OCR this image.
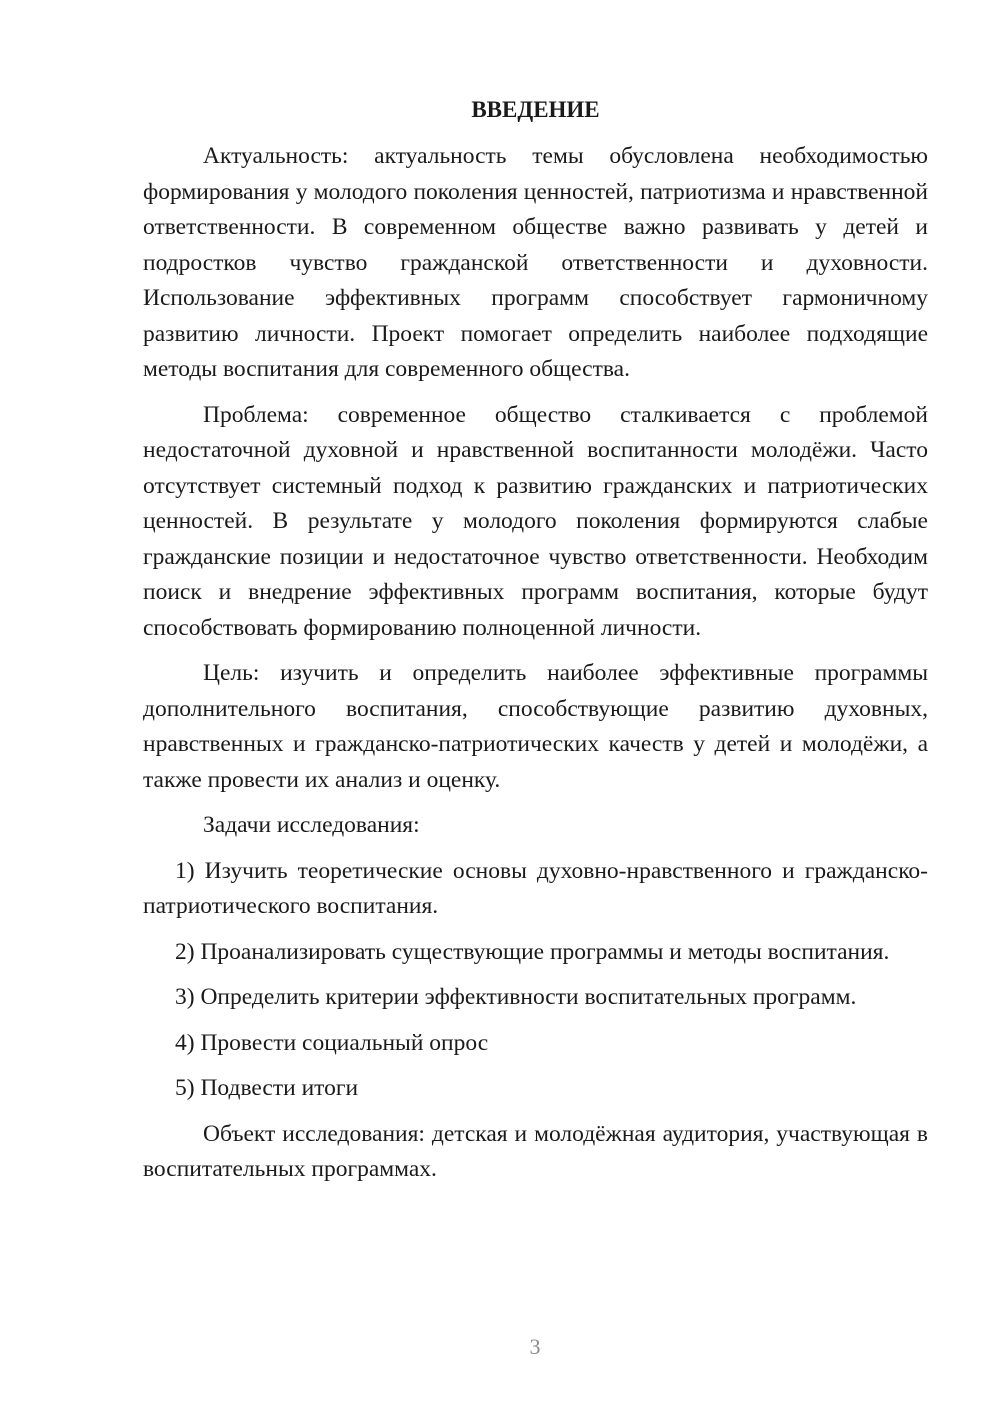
ВВЕДЕНИЕ

Актуальность: актуальность темы обусловлена необходимостью формирования у молодого поколения ценностей, патриотизма и нравственной ответственности. В современном обществе важно развивать у детей и подростков чувство гражданской ответственности и духовности. Использование эффективных программ способствует гармоничному развитию личности. Проект помогает определить наиболее подходящие методы воспитания для современного общества.

Проблема: современное общество сталкивается с проблемой недостаточной духовной и нравственной воспитанности молодёжи. Часто отсутствует системный подход к развитию гражданских и патриотических ценностей. В результате у молодого поколения формируются слабые гражданские позиции и недостаточное чувство ответственности. Необходим поиск и внедрение эффективных программ воспитания, которые будут способствовать формированию полноценной личности.

Цель: изучить и определить наиболее эффективные программы дополнительного воспитания, способствующие развитию духовных, нравственных и гражданско-патриотических качеств у детей и молодёжи, а также провести их анализ и оценку.

Задачи исследования:

1) Изучить теоретические основы духовно-нравственного и гражданско-патриотического воспитания.

2) Проанализировать существующие программы и методы воспитания.

3) Определить критерии эффективности воспитательных программ.

4) Провести социальный опрос

5) Подвести итоги

Объект исследования: детская и молодёжная аудитория, участвующая в воспитательных программах.

3
